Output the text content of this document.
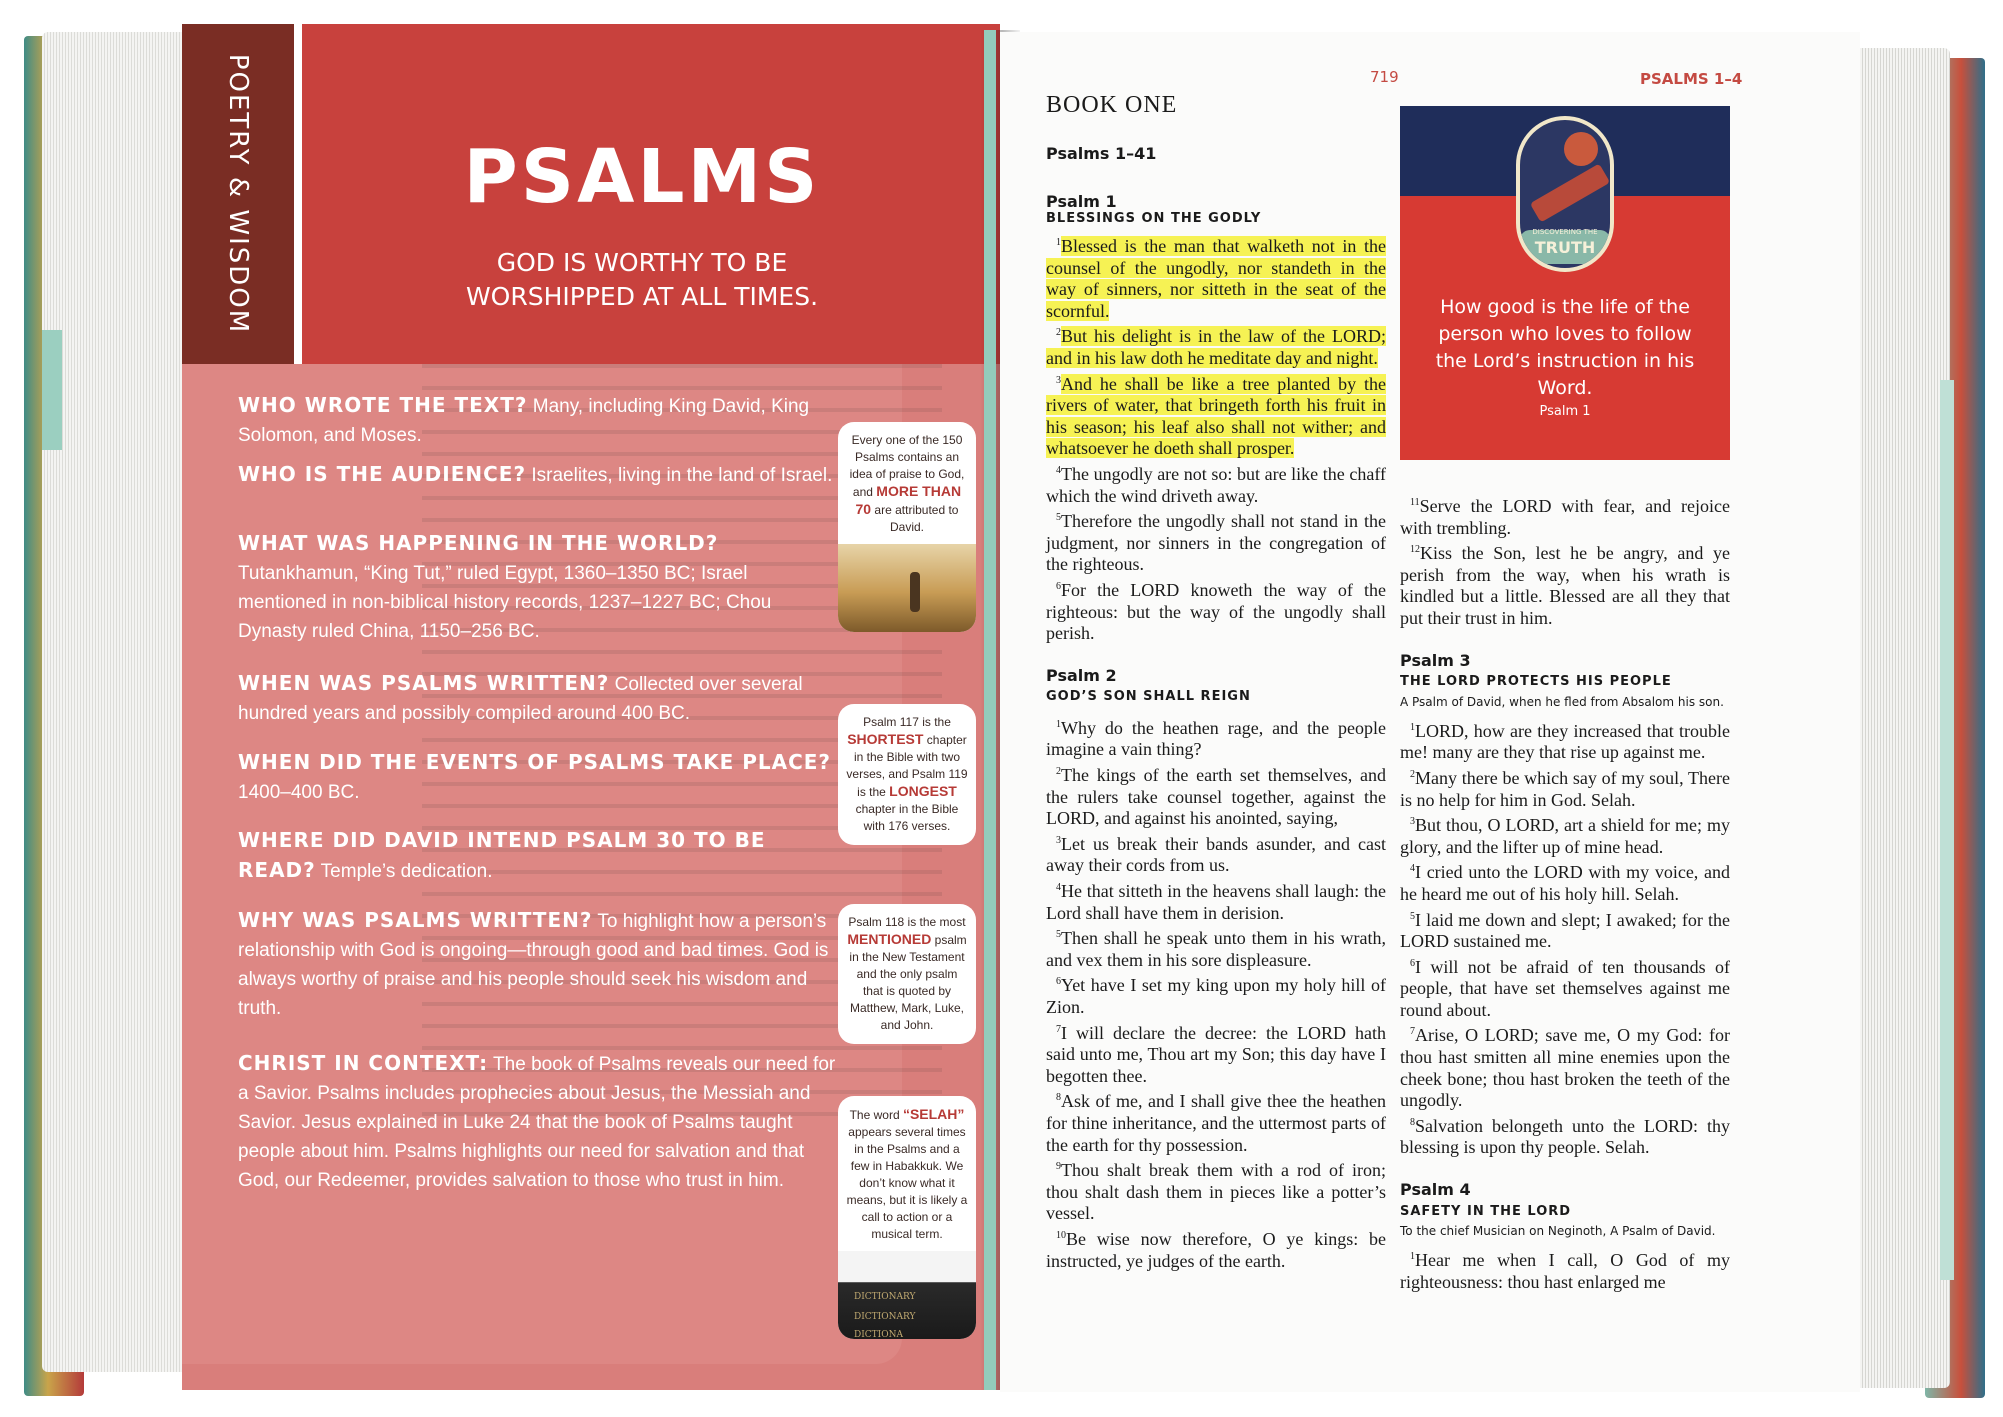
POETRY & WISDOM	PSALMS
GOD IS WORTHY TO BE WORSHIPPED AT ALL TIMES.
WHO WROTE THE TEXT? Many, including King David, King Solomon, and Moses.
WHO IS THE AUDIENCE? Israelites, living in the land of Israel.
WHAT WAS HAPPENING IN THE WORLD? Tutankhamun, “King Tut,” ruled Egypt, 1360–1350 BC; Israel mentioned in non-biblical history records, 1237–1227 BC; Chou Dynasty ruled China, 1150–256 BC.
WHEN WAS PSALMS WRITTEN? Collected over several hundred years and possibly compiled around 400 BC.
WHEN DID THE EVENTS OF PSALMS TAKE PLACE? 1400–400 BC.
WHERE DID DAVID INTEND PSALM 30 TO BE READ? Temple’s dedication.
WHY WAS PSALMS WRITTEN? To highlight how a person’s relationship with God is ongoing—through good and bad times. God is always worthy of praise and his people should seek his wisdom and truth.
CHRIST IN CONTEXT: The book of Psalms reveals our need for a Savior. Psalms includes prophecies about Jesus, the Messiah and Savior. Jesus explained in Luke 24 that the book of Psalms taught people about him. Psalms highlights our need for salvation and that God, our Redeemer, provides salvation to those who trust in him.
Every one of the 150 Psalms contains an idea of praise to God, and MORE THAN 70 are attributed to David.
Psalm 117 is the SHORTEST chapter in the Bible with two verses, and Psalm 119 is the LONGEST chapter in the Bible with 176 verses.
Psalm 118 is the most MENTIONED psalm in the New Testament and the only psalm that is quoted by Matthew, Mark, Luke, and John.
The word “SELAH” appears several times in the Psalms and a few in Habakkuk. We don’t know what it means, but it is likely a call to action or a musical term.
DICTIONARY
DICTIONARY
DICTIONA
719	PSALMS 1–4
BOOK ONE
Psalms 1–41
Psalm 1
BLESSINGS ON THE GODLY

$^1$Blessed is the man that walketh not in the counsel of the ungodly, nor standeth in the way of sinners, nor sitteth in the seat of the scornful.

$^2$But his delight is in the law of the LORD; and in his law doth he meditate day and night.

$^3$And he shall be like a tree planted by the rivers of water, that bringeth forth his fruit in his season; his leaf also shall not wither; and whatsoever he doeth shall prosper.

$^4$The ungodly are not so: but are like the chaff which the wind driveth away.

$^5$Therefore the ungodly shall not stand in the judgment, nor sinners in the congregation of the righteous.

$^6$For the LORD knoweth the way of the righteous: but the way of the ungodly shall perish.

Psalm 2
GOD’S SON SHALL REIGN

$^1$Why do the heathen rage, and the people imagine a vain thing?

$^2$The kings of the earth set themselves, and the rulers take counsel together, against the LORD, and against his anointed, saying,

$^3$Let us break their bands asunder, and cast away their cords from us.

$^4$He that sitteth in the heavens shall laugh: the Lord shall have them in derision.

$^5$Then shall he speak unto them in his wrath, and vex them in his sore displeasure.

$^6$Yet have I set my king upon my holy hill of Zion.

$^7$I will declare the decree: the LORD hath said unto me, Thou art my Son; this day have I begotten thee.

$^8$Ask of me, and I shall give thee the heathen for thine inheritance, and the uttermost parts of the earth for thy possession.

$^9$Thou shalt break them with a rod of iron; thou shalt dash them in pieces like a potter’s vessel.

$^{10}$Be wise now therefore, O ye kings: be instructed, ye judges of the earth.

DISCOVERING THE
TRUTH
How good is the life of the person who loves to follow the Lord’s instruction in his Word.
Psalm 1

$^{11}$Serve the LORD with fear, and rejoice with trembling.

$^{12}$Kiss the Son, lest he be angry, and ye perish from the way, when his wrath is kindled but a little. Blessed are all they that put their trust in him.

Psalm 3
THE LORD PROTECTS HIS PEOPLE
A Psalm of David, when he fled from Absalom his son.

$^1$LORD, how are they increased that trouble me! many are they that rise up against me.

$^2$Many there be which say of my soul, There is no help for him in God. Selah.

$^3$But thou, O LORD, art a shield for me; my glory, and the lifter up of mine head.

$^4$I cried unto the LORD with my voice, and he heard me out of his holy hill. Selah.

$^5$I laid me down and slept; I awaked; for the LORD sustained me.

$^6$I will not be afraid of ten thousands of people, that have set themselves against me round about.

$^7$Arise, O LORD; save me, O my God: for thou hast smitten all mine enemies upon the cheek bone; thou hast broken the teeth of the ungodly.

$^8$Salvation belongeth unto the LORD: thy blessing is upon thy people. Selah.

Psalm 4
SAFETY IN THE LORD
To the chief Musician on Neginoth, A Psalm of David.

$^1$Hear me when I call, O God of my righteousness: thou hast enlarged me
